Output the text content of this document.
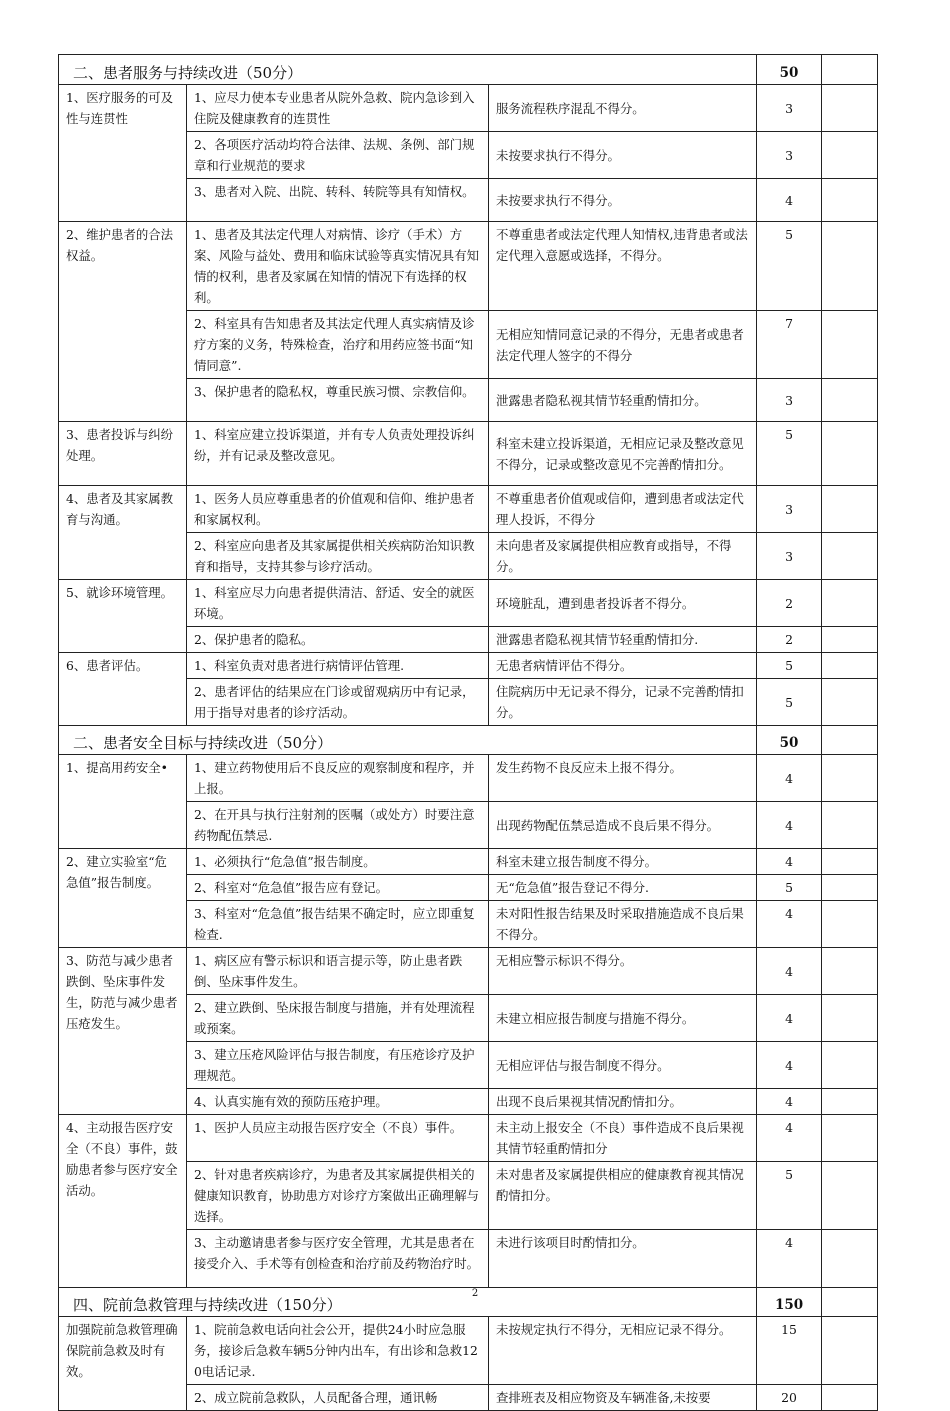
二、患者服务与持续改进（50分）			50	
1、医疗服务的可及性与连贯性	1、应尽力使本专业患者从院外急救、院内急诊到入住院及健康教育的连贯性	服务流程秩序混乱不得分。	3	
	2、各项医疗活动均符合法律、法规、条例、部门规章和行业规范的要求	未按要求执行不得分。	3	
	3、患者对入院、出院、转科、转院等具有知情权。	未按要求执行不得分。	4	
2、维护患者的合法权益。	1、患者及其法定代理人对病情、诊疗（手术）方案、风险与益处、费用和临床试验等真实情况具有知情的权利，患者及家属在知情的情况下有选择的权利。	不尊重患者或法定代理人知情权,违背患者或法定代理入意愿或选择，不得分。	5	
	2、科室具有告知患者及其法定代理人真实病情及诊疗方案的义务，特殊检查，治疗和用药应签书面“知情同意”.	无相应知情同意记录的不得分，无患者或患者法定代理人签字的不得分	7	
	3、保护患者的隐私权，尊重民族习惯、宗教信仰。	泄露患者隐私视其情节轻重酌情扣分。	3	
3、患者投诉与纠纷处理。	1、科室应建立投诉渠道，并有专人负责处理投诉纠纷，并有记录及整改意见。	科室未建立投诉渠道，无相应记录及整改意见不得分，记录或整改意见不完善酌情扣分。	5	
4、患者及其家属教育与沟通。	1、医务人员应尊重患者的价值观和信仰、维护患者和家属权利。	不尊重患者价值观或信仰，遭到患者或法定代理人投诉，不得分	3	
	2、科室应向患者及其家属提供相关疾病防治知识教育和指导，支持其参与诊疗活动。	未向患者及家属提供相应教育或指导，不得分。	3	
5、就诊环境管理。	1、科室应尽力向患者提供清洁、舒适、安全的就医环境。	环境脏乱，遭到患者投诉者不得分。	2	
	2、保护患者的隐私。	泄露患者隐私视其情节轻重酌情扣分.	2	
6、患者评估。	1、科室负责对患者进行病情评估管理.	无患者病情评估不得分。	5	
	2、患者评估的结果应在门诊或留观病历中有记录，用于指导对患者的诊疗活动。	住院病历中无记录不得分，记录不完善酌情扣分。	5	
二、患者安全目标与持续改进（50分）			50	
1、提高用药安全•	1、建立药物使用后不良反应的观察制度和程序，并上报。	发生药物不良反应未上报不得分。	4	
	2、在开具与执行注射剂的医嘱（或处方）时要注意药物配伍禁忌.	出现药物配伍禁忌造成不良后果不得分。	4	
2、建立实验室“危急值”报告制度。	1、必须执行“危急值”报告制度。	科室未建立报告制度不得分。	4	
	2、科室对“危急值”报告应有登记。	无“危急值”报告登记不得分.	5	
	3、科室对“危急值”报告结果不确定时，应立即重复检查.	未对阳性报告结果及时采取措施造成不良后果不得分。	4	
3、防范与减少患者跌倒、坠床事件发生，防范与减少患者压疮发生。	1、病区应有警示标识和语言提示等，防止患者跌倒、坠床事件发生。	无相应警示标识不得分。	4	
	2、建立跌倒、坠床报告制度与措施，并有处理流程或预案。	未建立相应报告制度与措施不得分。	4	
	3、建立压疮风险评估与报告制度，有压疮诊疗及护理规范。	无相应评估与报告制度不得分。	4	
	4、认真实施有效的预防压疮护理。	出现不良后果视其情况酌情扣分。	4	
4、主动报告医疗安全（不良）事件，鼓励患者参与医疗安全活动。	1、医护人员应主动报告医疗安全（不良）事件。	未主动上报安全（不良）事件造成不良后果视其情节轻重酌情扣分	4	
	2、针对患者疾病诊疗，为患者及其家属提供相关的健康知识教育，协助患方对诊疗方案做出正确理解与选择。	未对患者及家属提供相应的健康教育视其情况酌情扣分。	5	
	3、主动邀请患者参与医疗安全管理，尤其是患者在接受介入、手术等有创检查和治疗前及药物治疗时。	未进行该项目时酌情扣分。	4	
四、院前急救管理与持续改进（150分）			150	
加强院前急救管理确保院前急救及时有效。	1、院前急救电话向社会公开，提供24小时应急服务，接诊后急救车辆5分钟内出车，有出诊和急救120电话记录.	未按规定执行不得分，无相应记录不得分。	15	
	2、成立院前急救队，人员配备合理，通讯畅	查排班表及相应物资及车辆准备,未按要	20	
2
